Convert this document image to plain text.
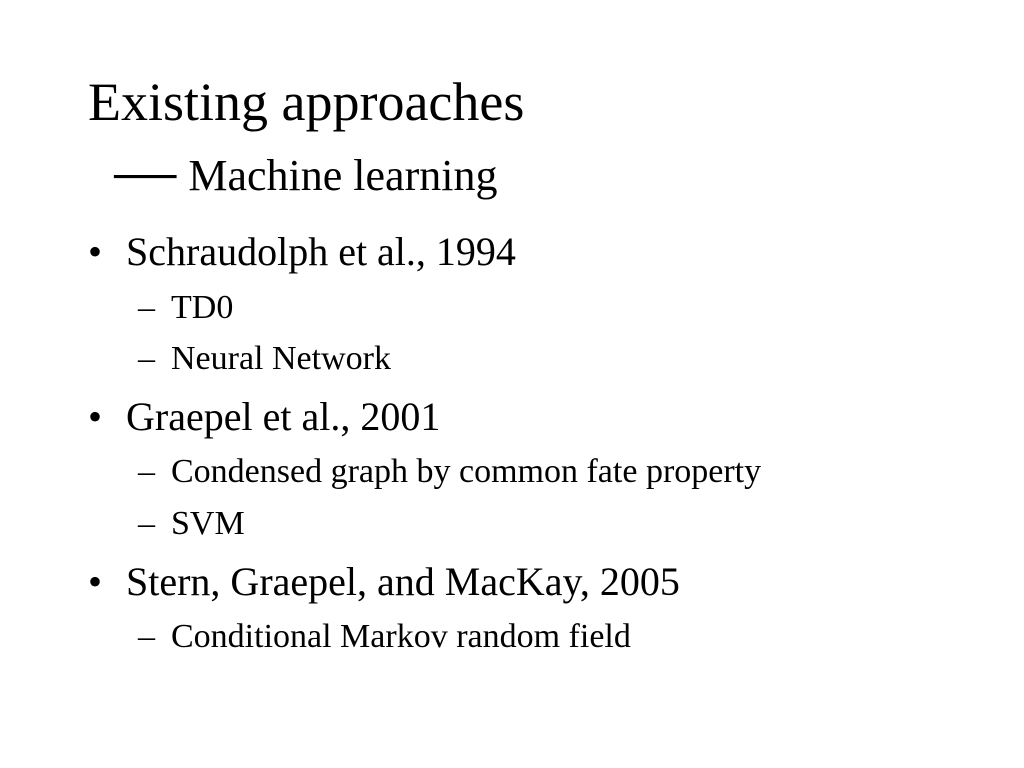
Existing approaches
── Machine learning
• Schraudolph et al., 1994
– TD0
– Neural Network
• Graepel et al., 2001
– Condensed graph by common fate property
– SVM
• Stern, Graepel, and MacKay, 2005
– Conditional Markov random field
